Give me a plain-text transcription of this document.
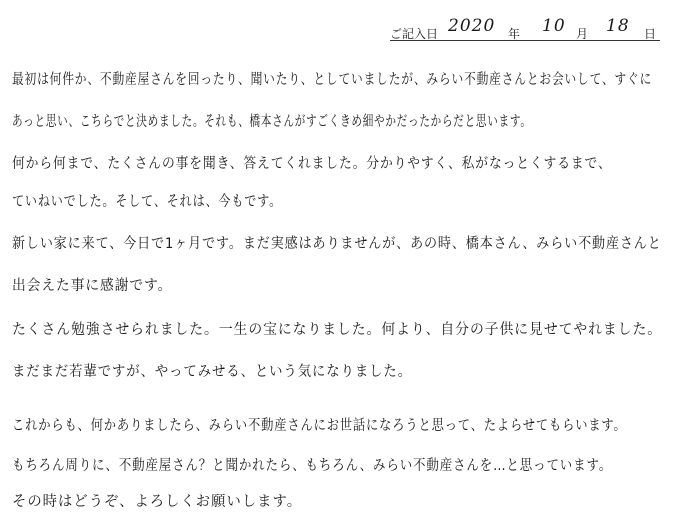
ご記入日 2020 年 10 月 18 日
最初は何件か、不動産屋さんを回ったり、聞いたり、としていましたが、みらい不動産さんとお会いして、すぐに
あっと思い、こちらでと決めました。それも、橋本さんがすごくきめ細やかだったからだと思います。
何から何まで、たくさんの事を聞き、答えてくれました。分かりやすく、私がなっとくするまで、
ていねいでした。そして、それは、今もです。
新しい家に来て、今日で1ヶ月です。まだ実感はありませんが、あの時、橋本さん、みらい不動産さんと
出会えた事に感謝です。
たくさん勉強させられました。一生の宝になりました。何より、自分の子供に見せてやれました。
まだまだ若輩ですが、やってみせる、という気になりました。
これからも、何かありましたら、みらい不動産さんにお世話になろうと思って、たよらせてもらいます。
もちろん周りに、不動産屋さん？と聞かれたら、もちろん、みらい不動産さんを…と思っています。
その時はどうぞ、よろしくお願いします。
